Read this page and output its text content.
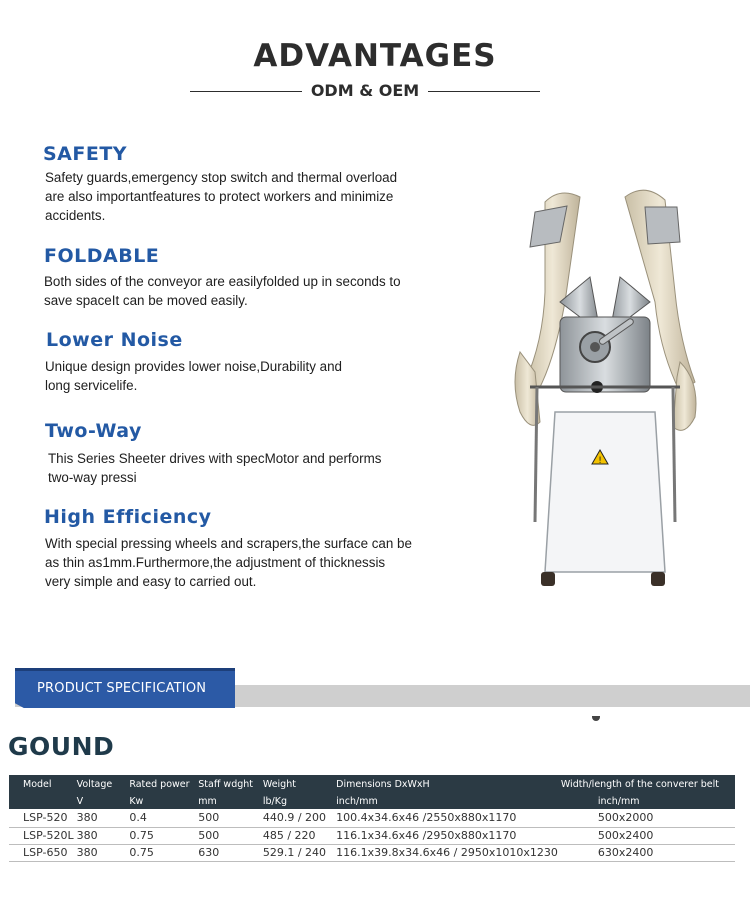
ADVANTAGES
ODM & OEM
SAFETY

Safety guards,emergency stop switch and thermal overload
are also importantfeatures to protect workers and minimize
accidents.

FOLDABLE

Both sides of the conveyor are easilyfolded up in seconds to
save spaceIt can be moved easily.

Lower Noise

Unique design provides lower noise,Durability and
long servicelife.

Two-Way

This Series Sheeter drives with specMotor and performs
two-way pressi

High Efficiency

With special pressing wheels and scrapers,the surface can be
as thin as1mm.Furthermore,the adjustment of thicknessis
very simple and easy to carried out.

!
PRODUCT SPECIFICATION
GOUND
Model	Voltage	Rated power	Staff wdght	Weight	Dimensions DxWxH	Width/length of the converer belt
	V	Kw	mm	lb/Kg	inch/mm	inch/mm
LSP-520	380	0.4	500	440.9 / 200	100.4x34.6x46 /2550x880x1170	500x2000
LSP-520L	380	0.75	500	485 / 220	116.1x34.6x46 /2950x880x1170	500x2400
LSP-650	380	0.75	630	529.1 / 240	116.1x39.8x34.6x46 / 2950x1010x1230	630x2400
